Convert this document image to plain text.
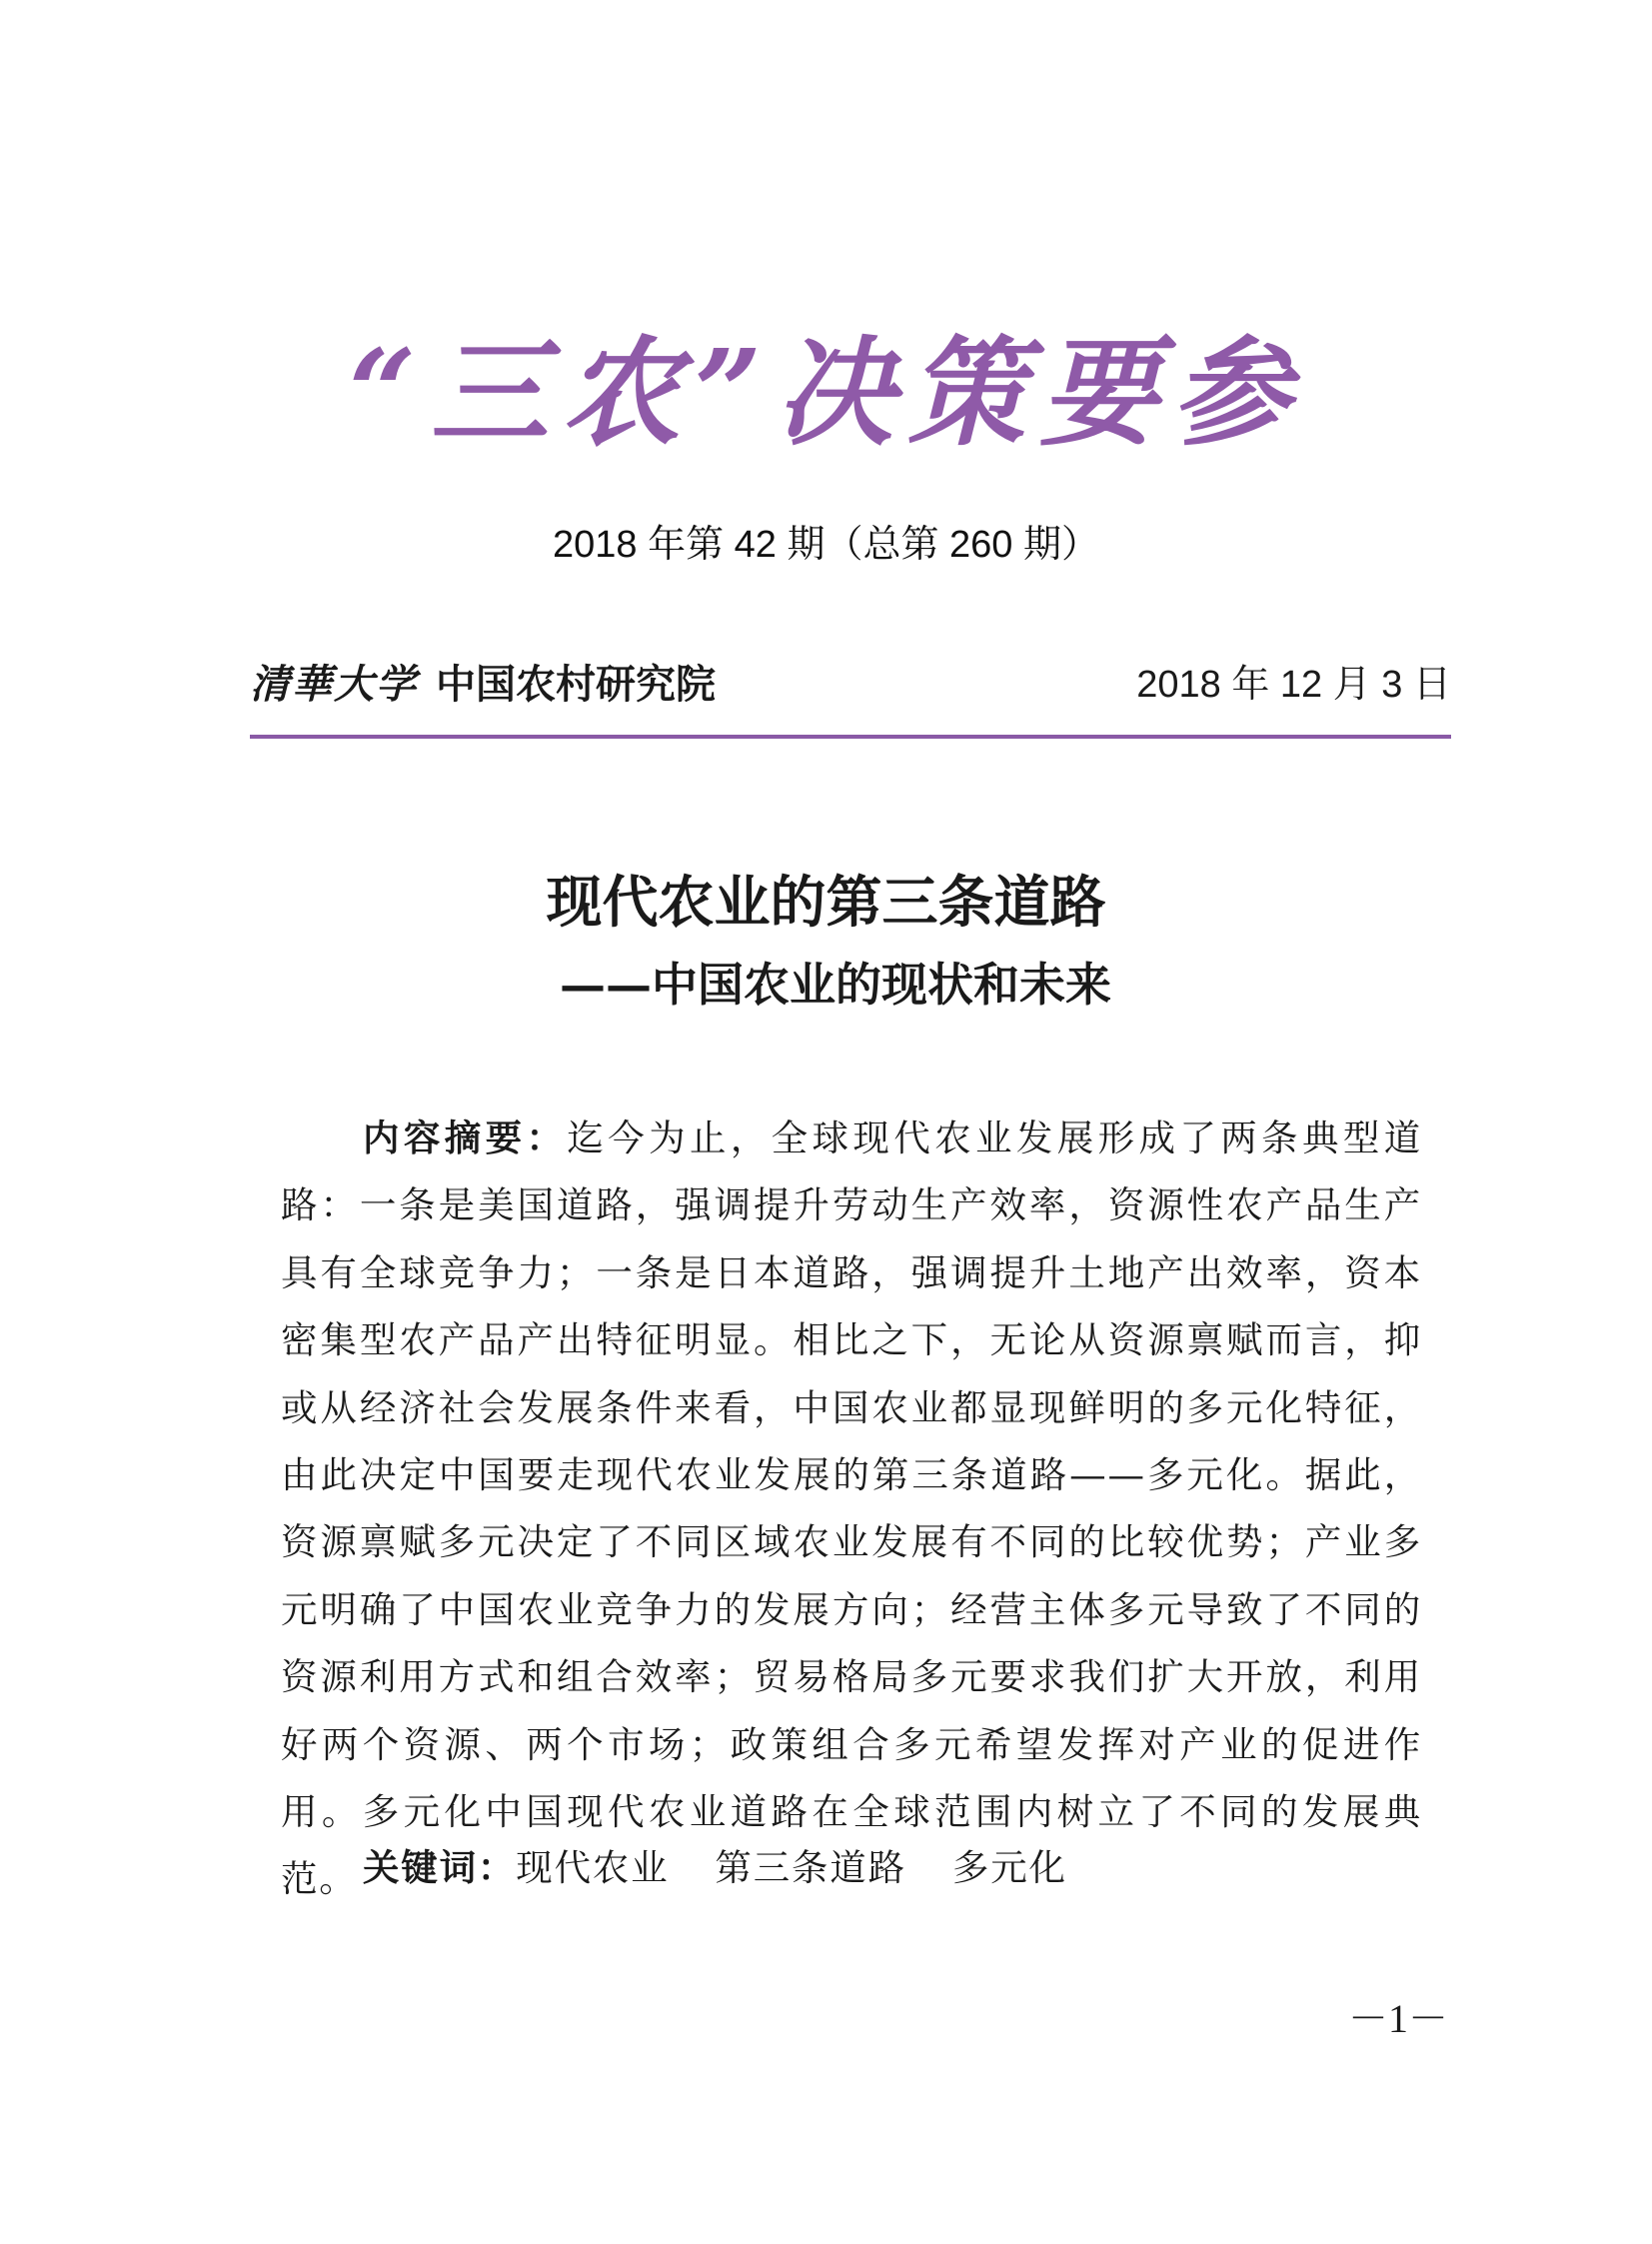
“三农”决策要参
2018 年第 42 期（总第 260 期）
清華大学 中国农村研究院	2018 年 12 月 3 日
现代农业的第三条道路
——中国农业的现状和未来

内容摘要：迄今为止，全球现代农业发展形成了两条典型道路：一条是美国道路，强调提升劳动生产效率，资源性农产品生产具有全球竞争力；一条是日本道路，强调提升土地产出效率，资本密集型农产品产出特征明显。相比之下，无论从资源禀赋而言，抑或从经济社会发展条件来看，中国农业都显现鲜明的多元化特征，由此决定中国要走现代农业发展的第三条道路——多元化。据此，资源禀赋多元决定了不同区域农业发展有不同的比较优势；产业多元明确了中国农业竞争力的发展方向；经营主体多元导致了不同的资源利用方式和组合效率；贸易格局多元要求我们扩大开放，利用好两个资源、两个市场；政策组合多元希望发挥对产业的促进作用。多元化中国现代农业道路在全球范围内树立了不同的发展典范。 关键词：现代农业 第三条道路 多元化
－1－
